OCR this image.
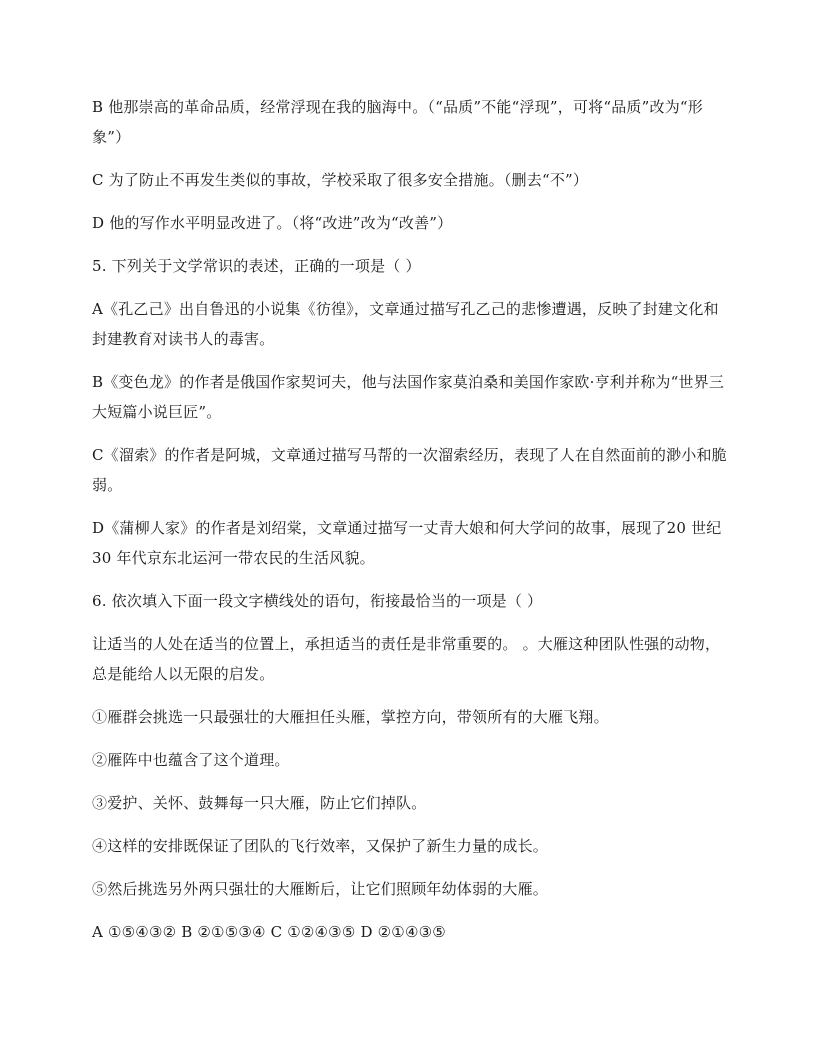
B 他那崇高的革命品质，经常浮现在我的脑海中。（“品质”不能“浮现”，可将“品质”改为“形象”）

C 为了防止不再发生类似的事故，学校采取了很多安全措施。（删去“不”）

D 他的写作水平明显改进了。（将“改进”改为“改善”）

5. 下列关于文学常识的表述，正确的一项是（ ）

A《孔乙己》出自鲁迅的小说集《彷徨》，文章通过描写孔乙己的悲惨遭遇，反映了封建文化和封建教育对读书人的毒害。

B《变色龙》的作者是俄国作家契诃夫，他与法国作家莫泊桑和美国作家欧·亨利并称为“世界三大短篇小说巨匠”。

C《溜索》的作者是阿城，文章通过描写马帮的一次溜索经历，表现了人在自然面前的渺小和脆弱。

D《蒲柳人家》的作者是刘绍棠，文章通过描写一丈青大娘和何大学问的故事，展现了20 世纪 30 年代京东北运河一带农民的生活风貌。

6. 依次填入下面一段文字横线处的语句，衔接最恰当的一项是（ ）

让适当的人处在适当的位置上，承担适当的责任是非常重要的。 。大雁这种团队性强的动物，总是能给人以无限的启发。

①雁群会挑选一只最强壮的大雁担任头雁，掌控方向，带领所有的大雁飞翔。

②雁阵中也蕴含了这个道理。

③爱护、关怀、鼓舞每一只大雁，防止它们掉队。

④这样的安排既保证了团队的飞行效率，又保护了新生力量的成长。

⑤然后挑选另外两只强壮的大雁断后，让它们照顾年幼体弱的大雁。

A ①⑤④③② B ②①⑤③④ C ①②④③⑤ D ②①④③⑤
